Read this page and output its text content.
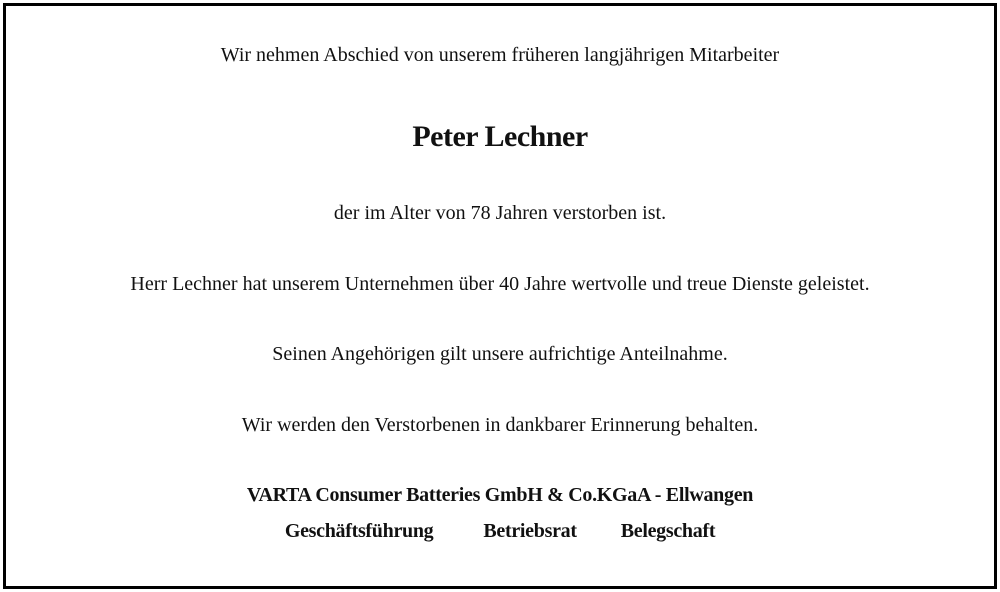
Wir nehmen Abschied von unserem früheren langjährigen Mitarbeiter
Peter Lechner
der im Alter von 78 Jahren verstorben ist.
Herr Lechner hat unserem Unternehmen über 40 Jahre wertvolle und treue Dienste geleistet.
Seinen Angehörigen gilt unsere aufrichtige Anteilnahme.
Wir werden den Verstorbenen in dankbarer Erinnerung behalten.
VARTA Consumer Batteries GmbH & Co.KGaA - Ellwangen
Geschäftsführung	Betriebsrat Belegschaft
